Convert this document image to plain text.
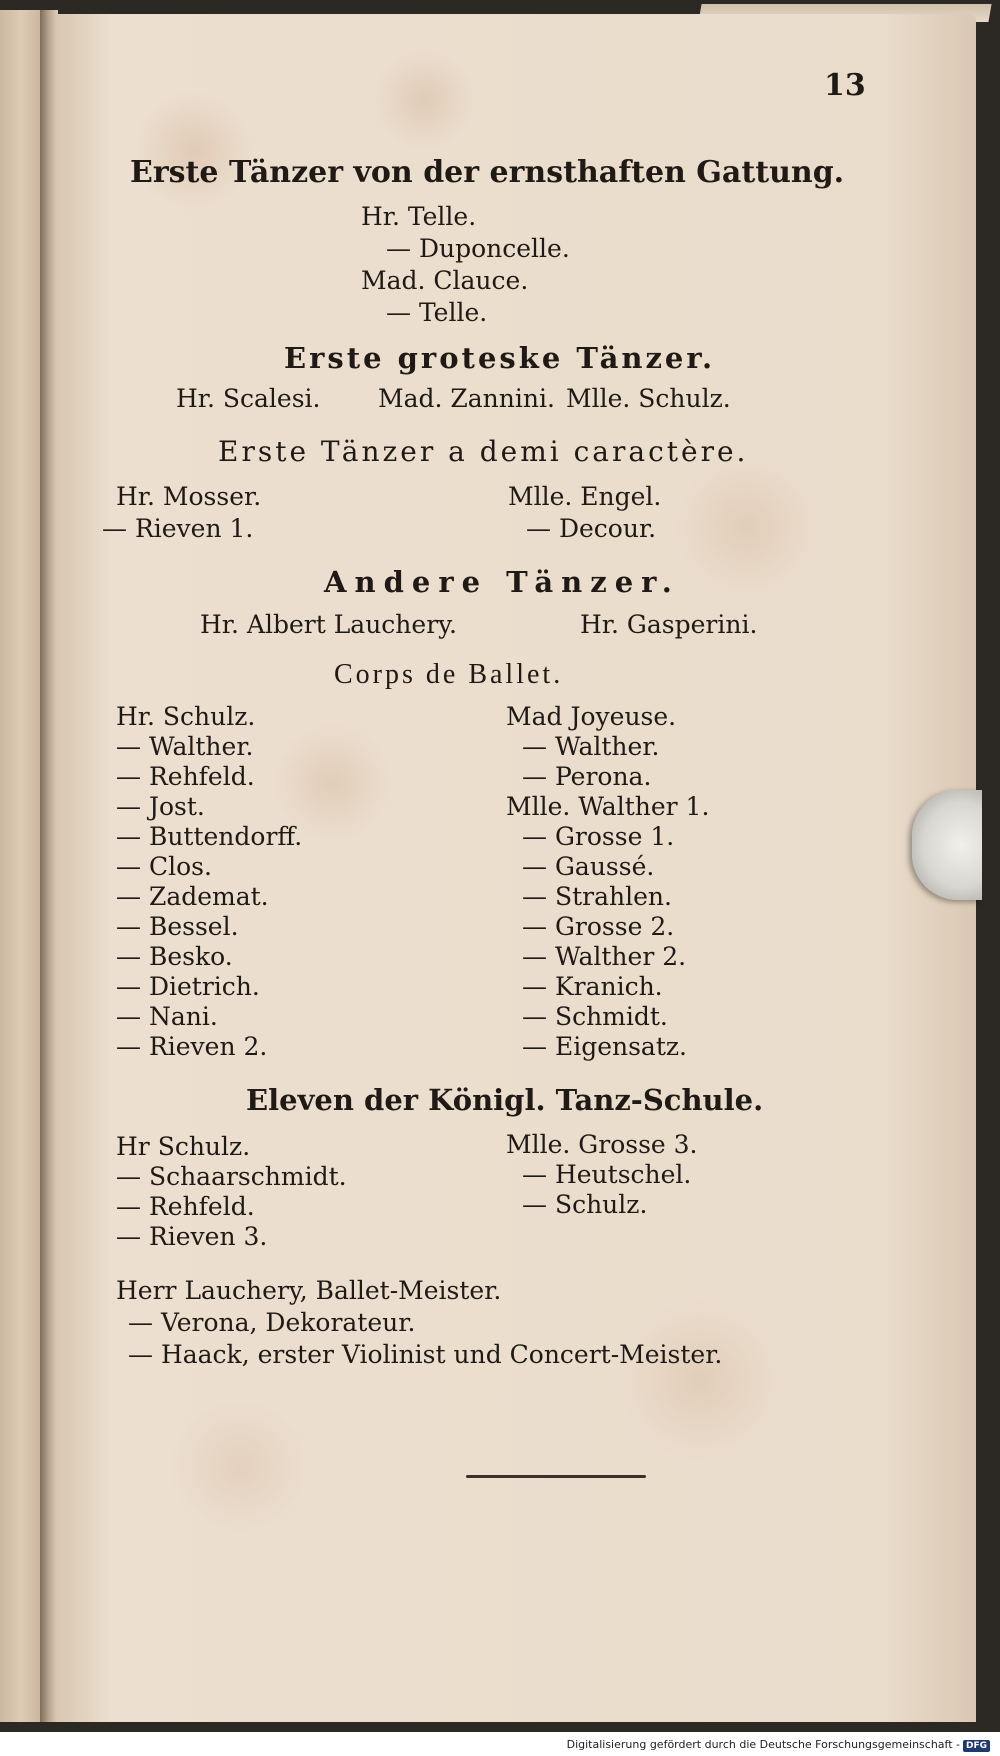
13
Erste Tänzer von der ernsthaften Gattung.
Hr. Telle.
— Duponcelle.
Mad. Clauce.
— Telle.
Erste groteske Tänzer.
Hr. Scalesi. Mad. Zannini. Mlle. Schulz.
Erste Tänzer a demi caractère.
Hr. Mosser.
— Rieven 1.
Mlle. Engel.
— Decour.
Andere Tänzer.
Hr. Albert Lauchery.	Hr. Gasperini.
Corps de Ballet.
Hr. Schulz.
— Walther.
— Rehfeld.
— Jost.
— Buttendorff.
— Clos.
— Zademat.
— Bessel.
— Besko.
— Dietrich.
— Nani.
— Rieven 2.
Mad Joyeuse.
— Walther.
— Perona.
Mlle. Walther 1.
— Grosse 1.
— Gaussé.
— Strahlen.
— Grosse 2.
— Walther 2.
— Kranich.
— Schmidt.
— Eigensatz.
Eleven der Königl. Tanz-Schule.
Hr Schulz.
— Schaarschmidt.
— Rehfeld.
— Rieven 3.
Mlle. Grosse 3.
— Heutschel.
— Schulz.
Herr Lauchery, Ballet-Meister.
— Verona, Dekorateur.
— Haack, erster Violinist und Concert-Meister.
Digitalisierung gefördert durch die Deutsche Forschungsgemeinschaft - DFG
